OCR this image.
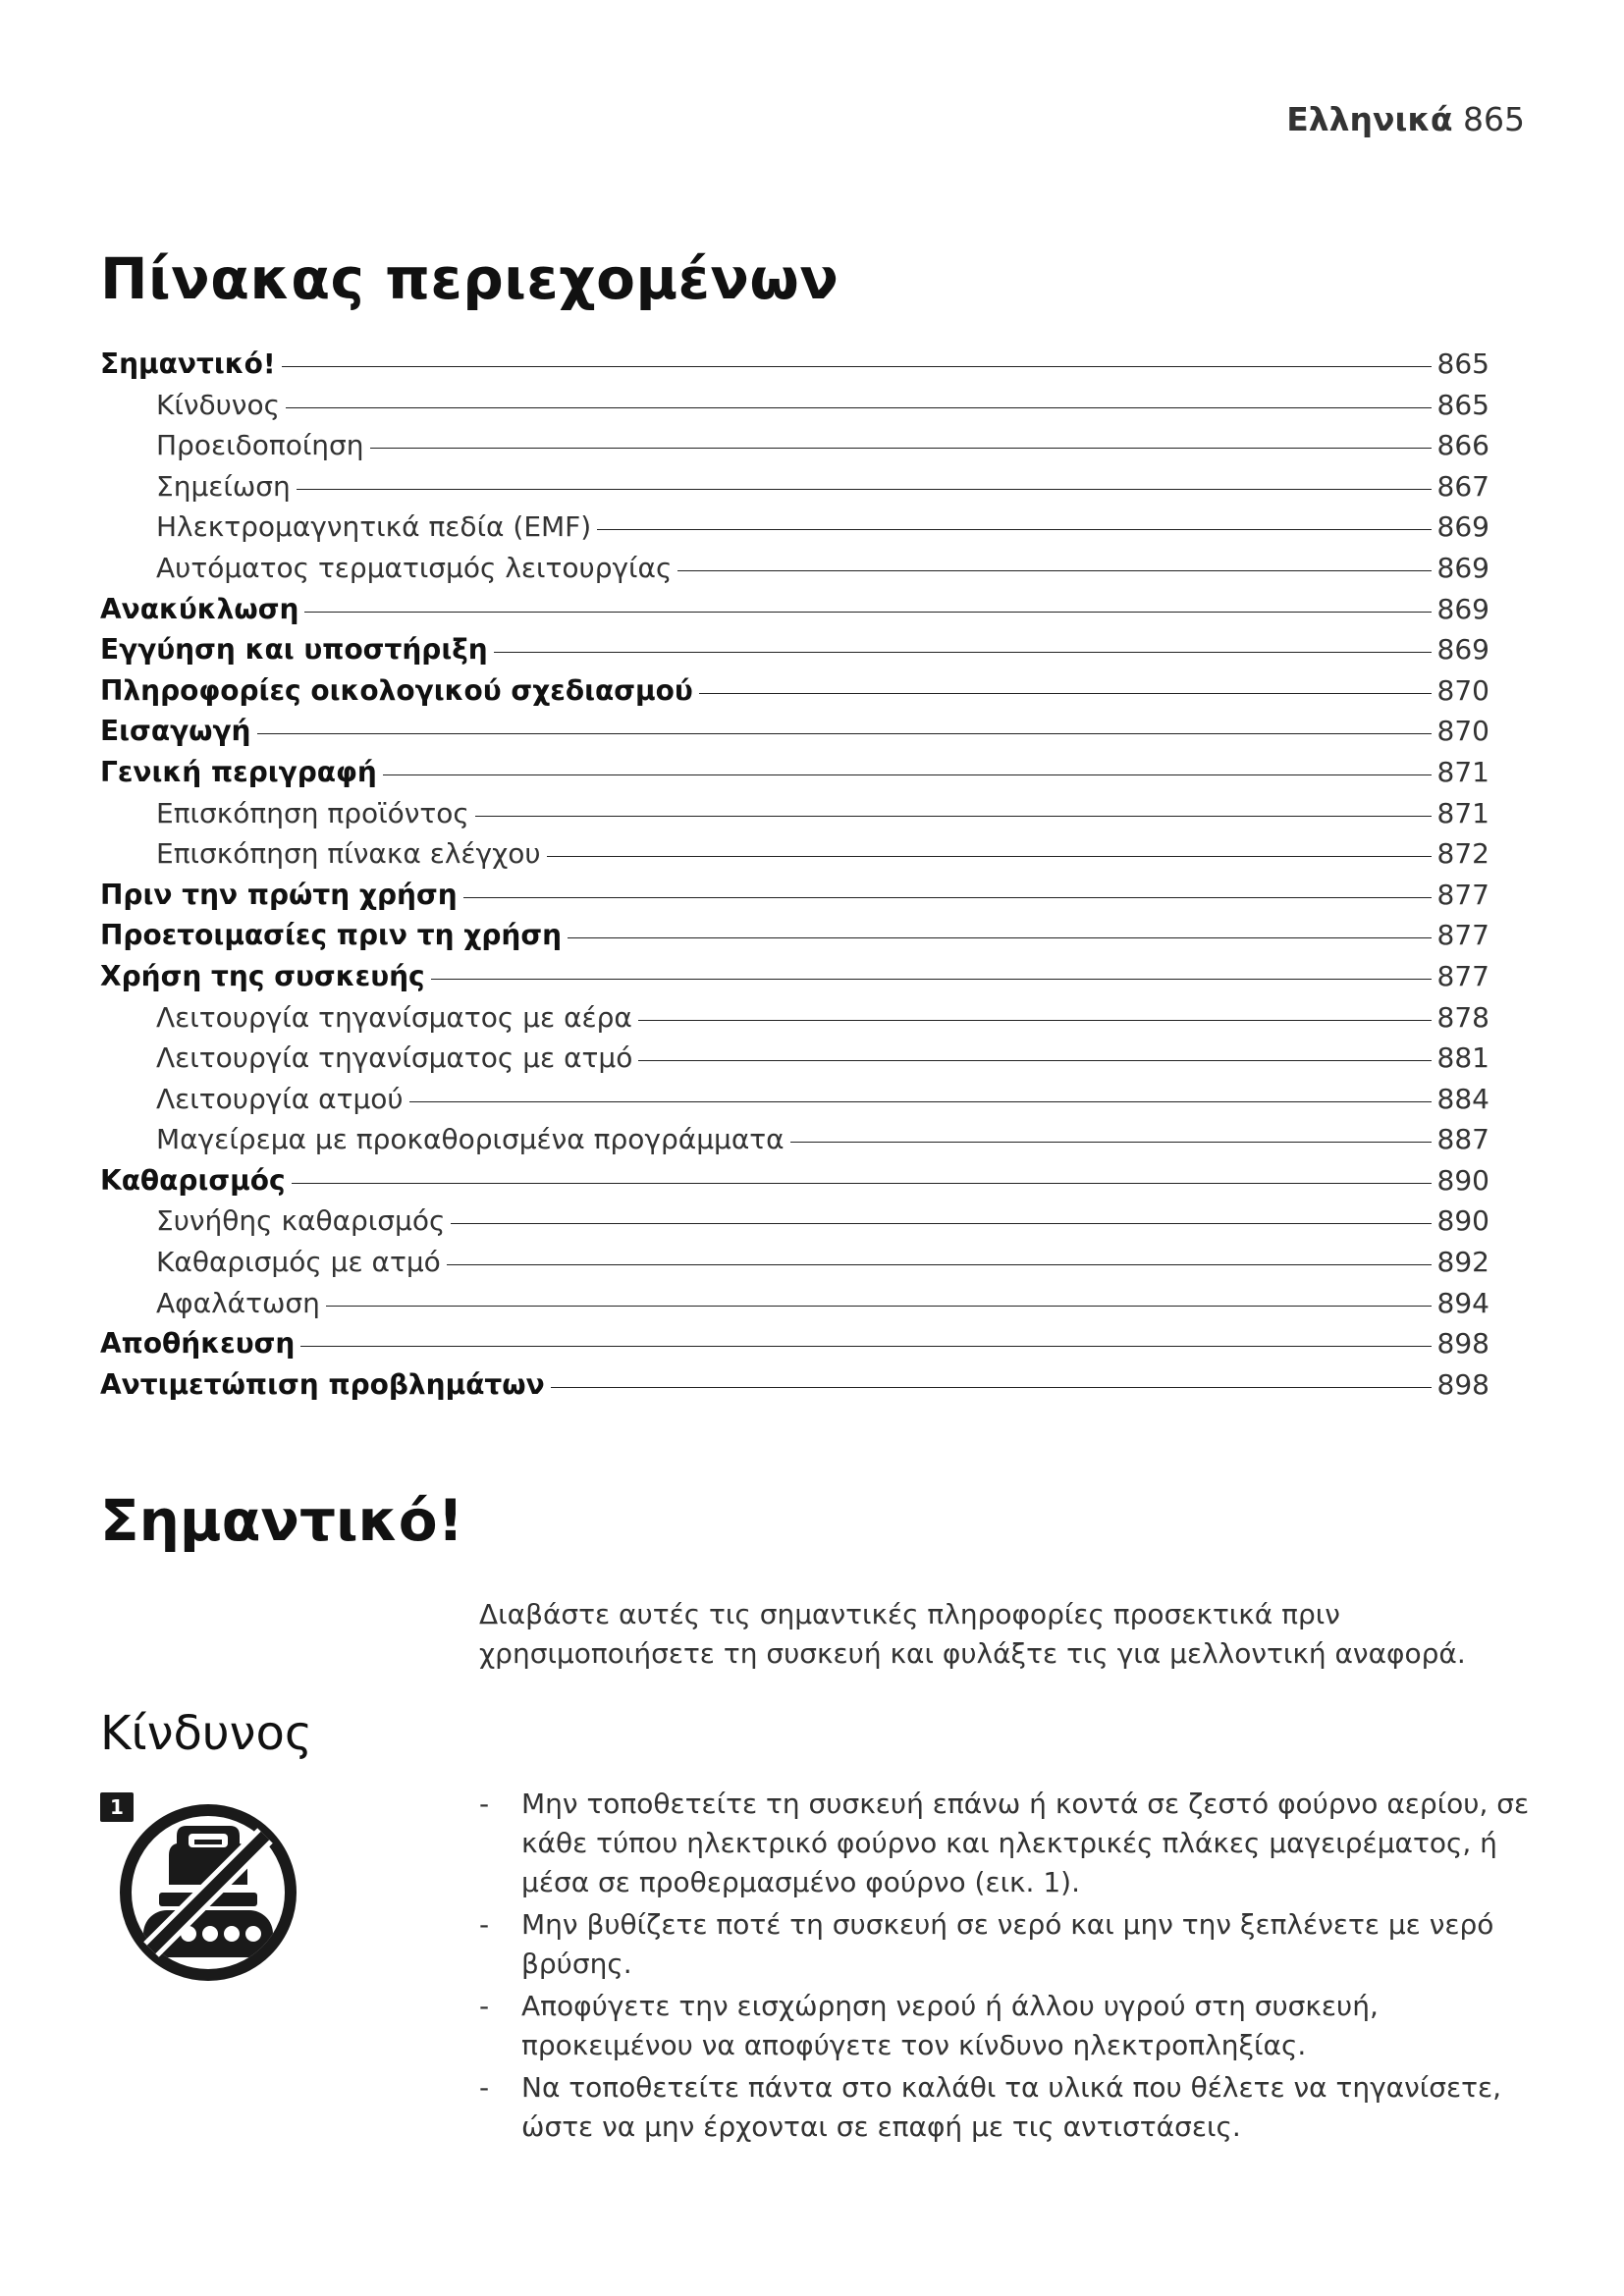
Ελληνικά 865
Πίνακας περιεχομένων
Σημαντικό!	865
Κίνδυνος	865
Προειδοποίηση	866
Σημείωση	867
Ηλεκτρομαγνητικά πεδία (EMF)	869
Αυτόματος τερματισμός λειτουργίας	869
Ανακύκλωση	869
Εγγύηση και υποστήριξη	869
Πληροφορίες οικολογικού σχεδιασμού	870
Εισαγωγή	870
Γενική περιγραφή	871
Επισκόπηση προϊόντος	871
Επισκόπηση πίνακα ελέγχου	872
Πριν την πρώτη χρήση	877
Προετοιμασίες πριν τη χρήση	877
Χρήση της συσκευής	877
Λειτουργία τηγανίσματος με αέρα	878
Λειτουργία τηγανίσματος με ατμό	881
Λειτουργία ατμού	884
Μαγείρεμα με προκαθορισμένα προγράμματα	887
Καθαρισμός	890
Συνήθης καθαρισμός	890
Καθαρισμός με ατμό	892
Αφαλάτωση	894
Αποθήκευση	898
Αντιμετώπιση προβλημάτων	898
Σημαντικό!

Διαβάστε αυτές τις σημαντικές πληροφορίες προσεκτικά πριν χρησιμοποιήσετε τη συσκευή και φυλάξτε τις για μελλοντική αναφορά.

Κίνδυνος
1	- Μην τοποθετείτε τη συσκευή επάνω ή κοντά σε ζεστό φούρνο αερίου, σε κάθε τύπου ηλεκτρικό φούρνο και ηλεκτρικές πλάκες μαγειρέματος, ή μέσα σε προθερμασμένο φούρνο (εικ. 1).
- Μην βυθίζετε ποτέ τη συσκευή σε νερό και μην την ξεπλένετε με νερό βρύσης.
- Αποφύγετε την εισχώρηση νερού ή άλλου υγρού στη συσκευή, προκειμένου να αποφύγετε τον κίνδυνο ηλεκτροπληξίας.
- Να τοποθετείτε πάντα στο καλάθι τα υλικά που θέλετε να τηγανίσετε, ώστε να μην έρχονται σε επαφή με τις αντιστάσεις.
